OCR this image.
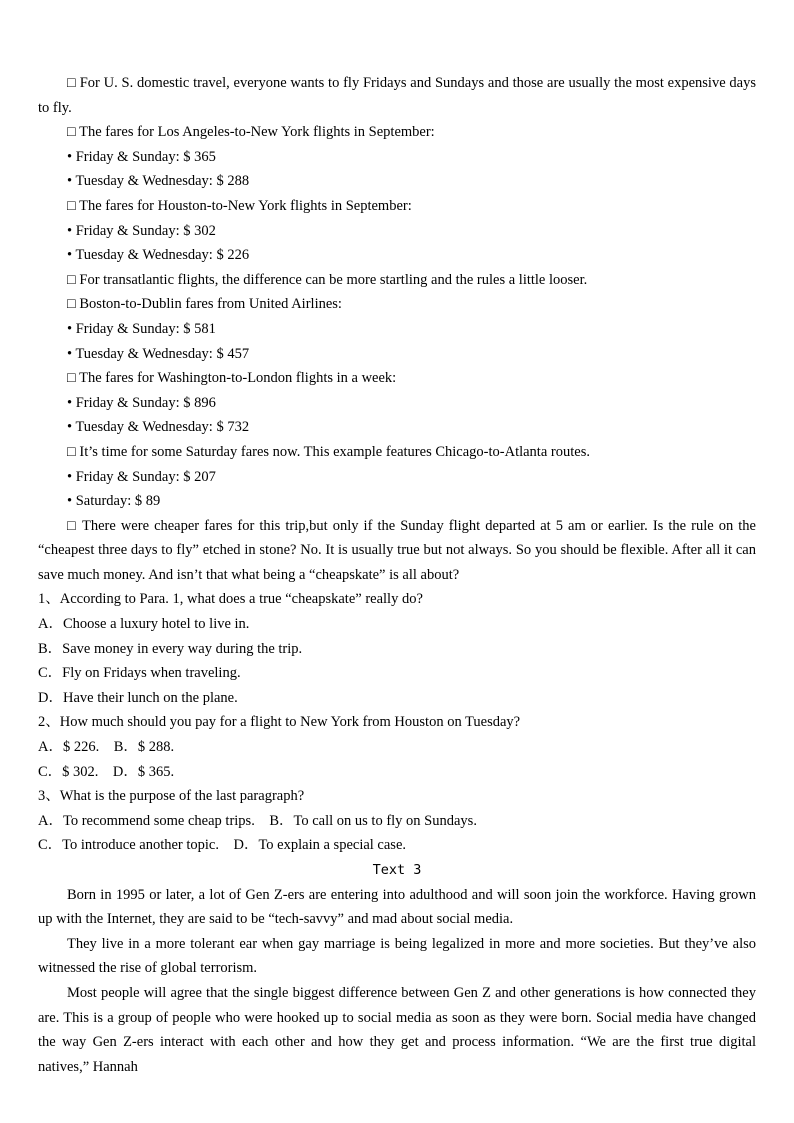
□ For U. S. domestic travel, everyone wants to fly Fridays and Sundays and those are usually the most expensive days to fly.

□ The fares for Los Angeles-to-New York flights in September:

• Friday & Sunday: $ 365

• Tuesday & Wednesday: $ 288

□ The fares for Houston-to-New York flights in September:

• Friday & Sunday: $ 302

• Tuesday & Wednesday: $ 226

□ For transatlantic flights, the difference can be more startling and the rules a little looser.

□ Boston-to-Dublin fares from United Airlines:

• Friday & Sunday: $ 581

• Tuesday & Wednesday: $ 457

□ The fares for Washington-to-London flights in a week:

• Friday & Sunday: $ 896

• Tuesday & Wednesday: $ 732

□ It’s time for some Saturday fares now. This example features Chicago-to-Atlanta routes.

• Friday & Sunday: $ 207

• Saturday: $ 89

□ There were cheaper fares for this trip,but only if the Sunday flight departed at 5 am or earlier. Is the rule on the “cheapest three days to fly” etched in stone? No. It is usually true but not always. So you should be flexible. After all it can save much money. And isn’t that what being a “cheapskate” is all about?

1、According to Para. 1, what does a true “cheapskate” really do?

A．Choose a luxury hotel to live in.

B．Save money in every way during the trip.

C．Fly on Fridays when traveling.

D．Have their lunch on the plane.

2、How much should you pay for a flight to New York from Houston on Tuesday?

A．$ 226.　B．$ 288.

C．$ 302.　D．$ 365.

3、What is the purpose of the last paragraph?

A．To recommend some cheap trips.　B．To call on us to fly on Sundays.

C．To introduce another topic.　D．To explain a special case.

Text 3

Born in 1995 or later, a lot of Gen Z-ers are entering into adulthood and will soon join the workforce. Having grown up with the Internet, they are said to be “tech-savvy” and mad about social media.

They live in a more tolerant ear when gay marriage is being legalized in more and more societies. But they’ve also witnessed the rise of global terrorism.

Most people will agree that the single biggest difference between Gen Z and other generations is how connected they are. This is a group of people who were hooked up to social media as soon as they were born. Social media have changed the way Gen Z-ers interact with each other and how they get and process information. “We are the first true digital natives,” Hannah
